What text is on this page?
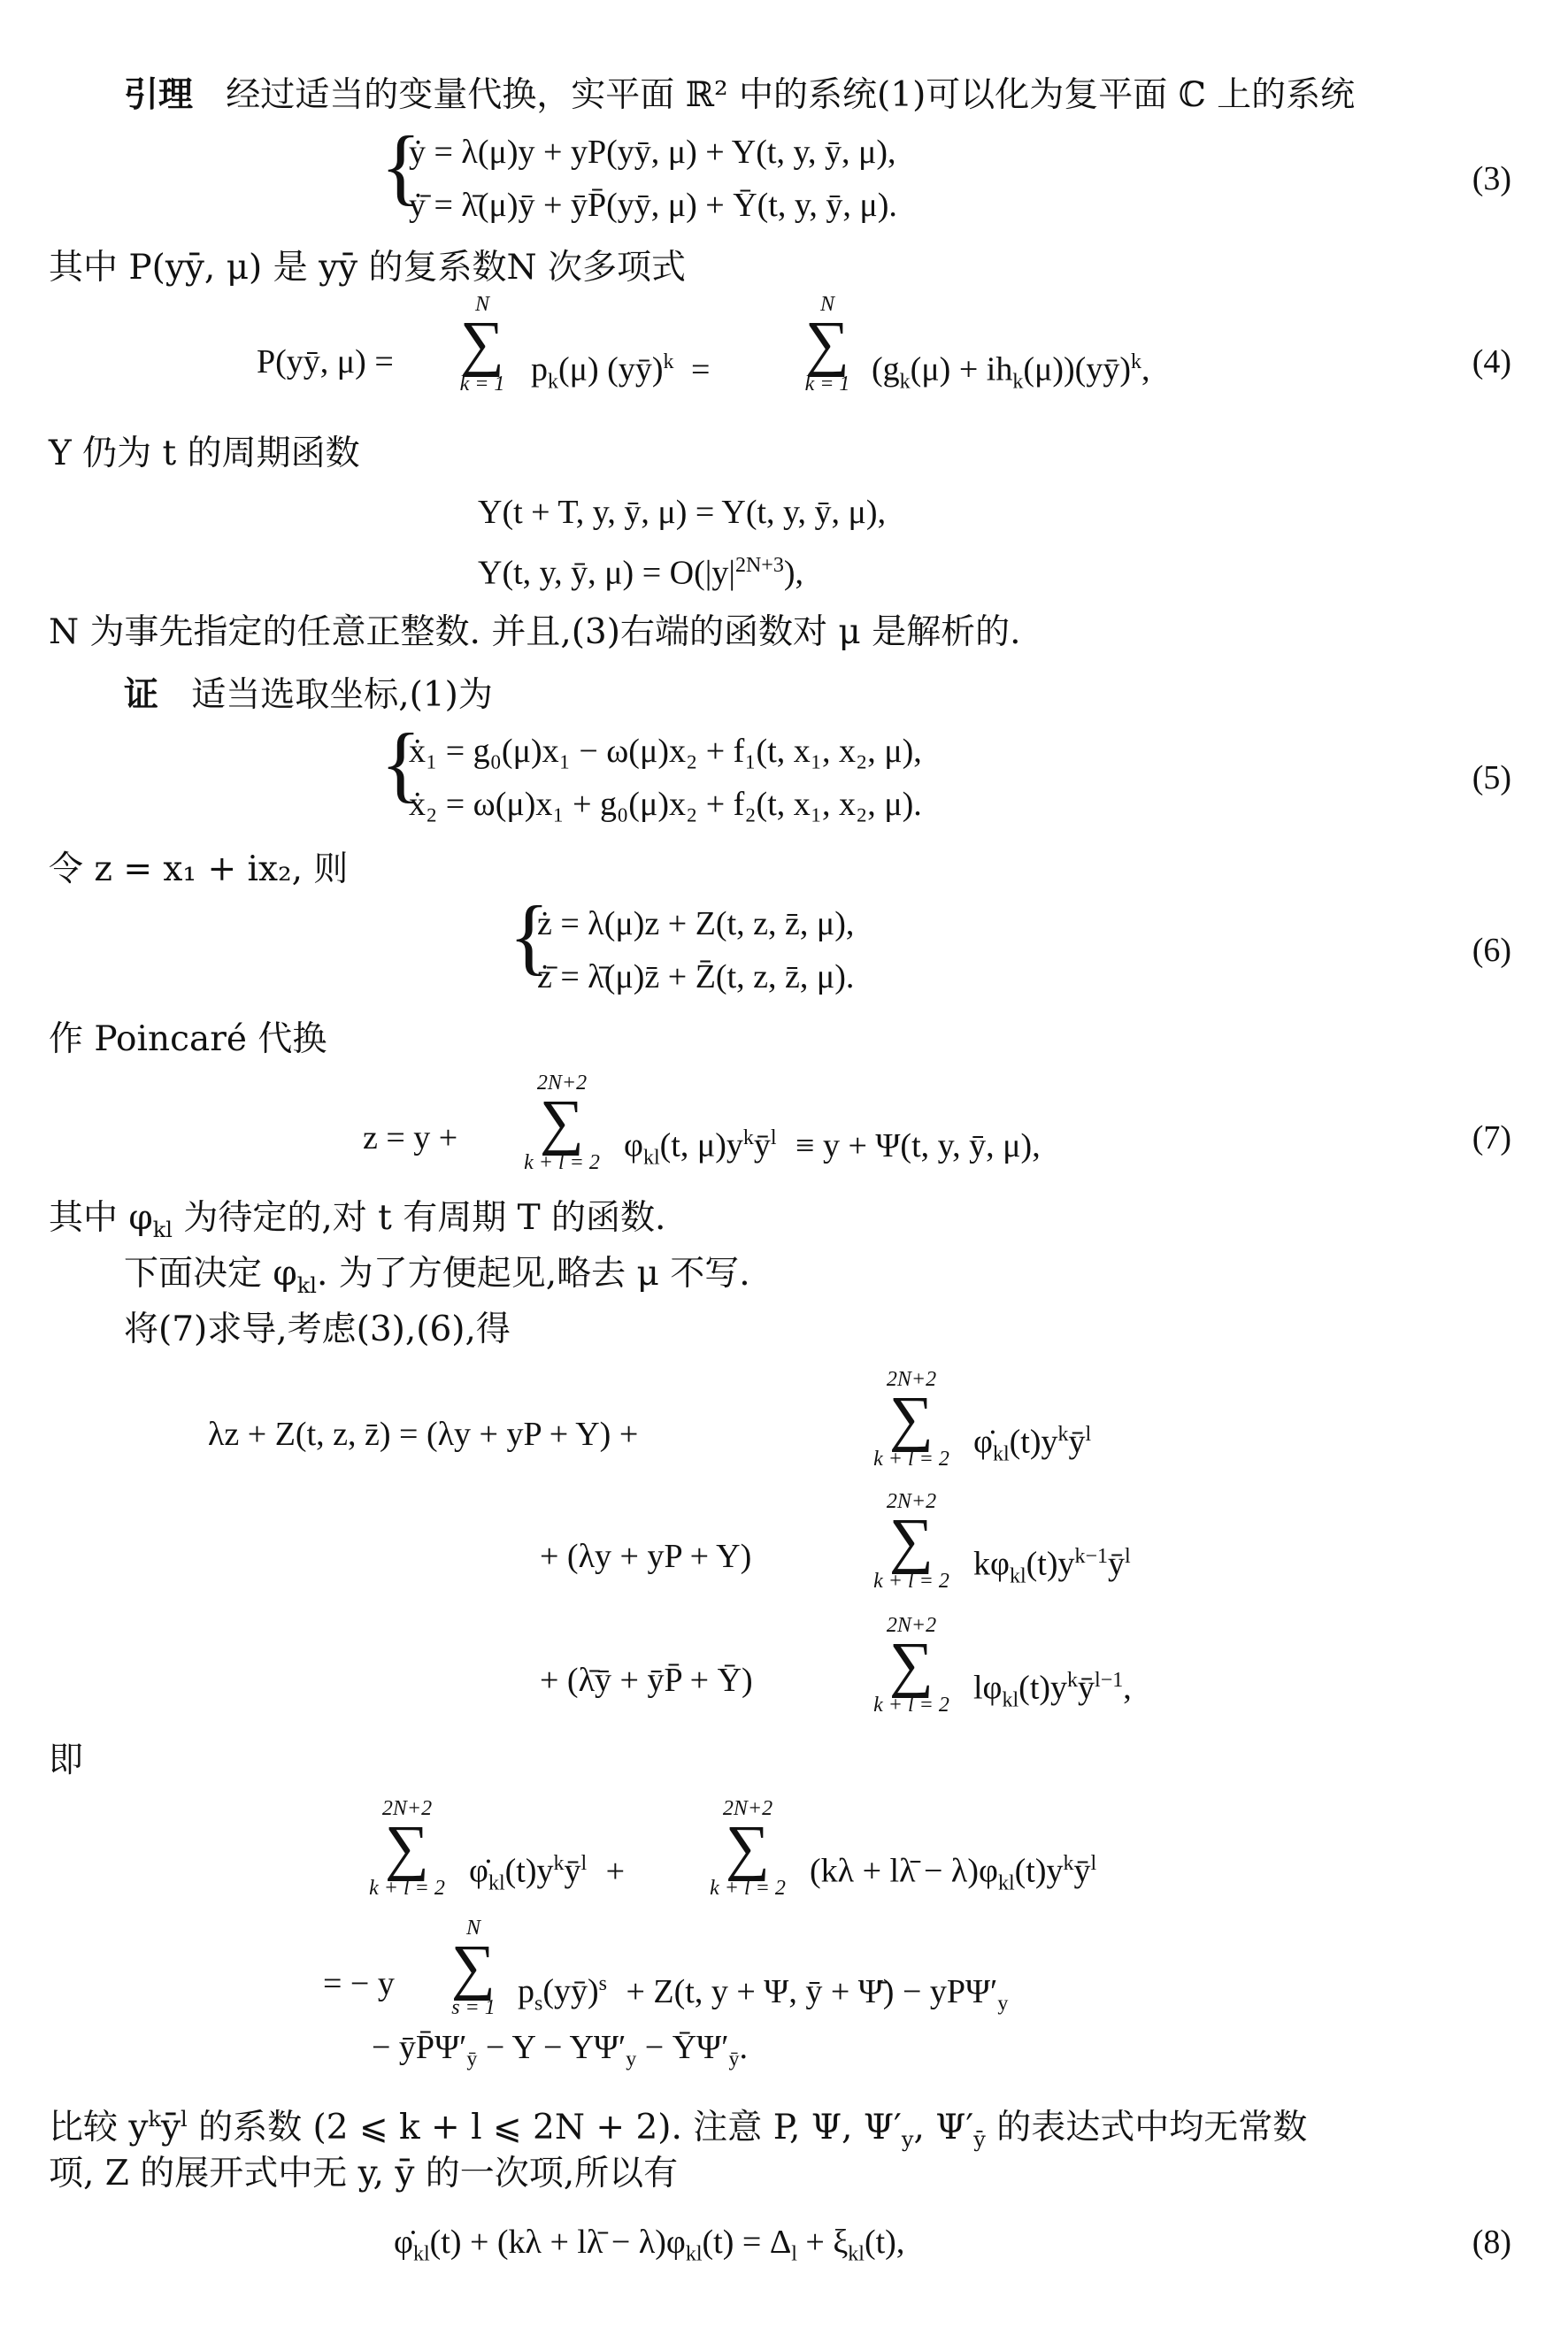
引理 经过适当的变量代换，实平面 ℝ² 中的系统(1)可以化为复平面 ℂ 上的系统
{
ẏ = λ(μ)y + yP(yȳ, μ) + Y(t, y, ȳ, μ),
ẏ̄ = λ̄(μ)ȳ + ȳP̄(yȳ, μ) + Ȳ(t, y, ȳ, μ).
(3)
其中 P(yȳ, μ) 是 yȳ 的复系数N 次多项式
P(yȳ, μ) =
N
∑
k = 1 $p_k(\mu)$ (yȳ)$^k$ =
N
∑
k = 1 ($g_k(\mu)$ + $ih_k(\mu))(yȳ)^k$,	(4)
Y 仍为 t 的周期函数
Y(t + T, y, ȳ, μ) = Y(t, y, ȳ, μ),
Y(t, y, ȳ, $\mu) = O(|y|^{2N+3})$,
N 为事先指定的任意正整数. 并且,(3)右端的函数对 μ 是解析的.
证 适当选取坐标,(1)为
{
ẋ₁ = g₀(μ)x₁ − ω(μ)x₂ + f₁(t, x₁, x₂, μ),
ẋ₂ = ω(μ)x₁ + g₀(μ)x₂ + f₂(t, x₁, x₂, μ).
(5)
令 z = x₁ + ix₂, 则
{
ż = λ(μ)z + Z(t, z, z̄, μ),
ż̄ = λ̄(μ)z̄ + Z̄(t, z, z̄, μ).
(6)
作 Poincaré 代换
z = y +
2N+2
∑
k + l = 2 $\varphi_{kl}(t$, $\mu)y^kȳ^l \equiv y + \Psi(t$, y, ȳ, μ),	(7)
其中 $\varphi_{kl}$ 为待定的,对 t 有周期 T 的函数.
下面决定 $\varphi_{kl}$. 为了方便起见,略去 μ 不写.
将(7)求导,考虑(3),(6),得
λz + Z(t, z, z̄) = (λy + yP + Y) +
2N+2
∑
k + l = 2 $\varphi̇_{kl}(t)y^kȳ^l$
+ (λy + yP + Y)
2N+2
∑
k + l = 2 $k\varphi_{kl}(t)y^{k-1}ȳ^l$
+ (λ̄ȳ + ȳP̄ + Ȳ)
2N+2
∑
k + l = 2 $l\varphi_{kl}(t)y^kȳ^{l-1}$,
即
2N+2
∑
k + l = 2 $\varphi̇_{kl}(t)y^kȳ^l$ +
2N+2
∑
k + l = 2 (kλ + lλ̄ − $\lambda)\varphi_{kl}(t)y^kȳ^l$
= − y
N
∑
s = 1 $p_s(yȳ)^s + Z(t$, y + Ψ, ȳ + Ψ̄) − $yP\Psi'_y$
− $ȳP̄\Psi'_ȳ - Y - Y\Psi'_y$ − $Ȳ\Psi'_ȳ$.
比较 $y^kȳ^l$ 的系数 (2 ⩽ k + l ⩽ 2N + 2). 注意 P, Ψ, $\Psi'_y$, $\Psi'_ȳ$ 的表达式中均无常数
项, Z 的展开式中无 y, ȳ 的一次项,所以有
$\varphi̇_{kl}(t) + (k\lambda$ + lλ̄ − $\lambda)\varphi_{kl}(t) = \Delta_l + \xi_{kl}(t)$,	(8)
